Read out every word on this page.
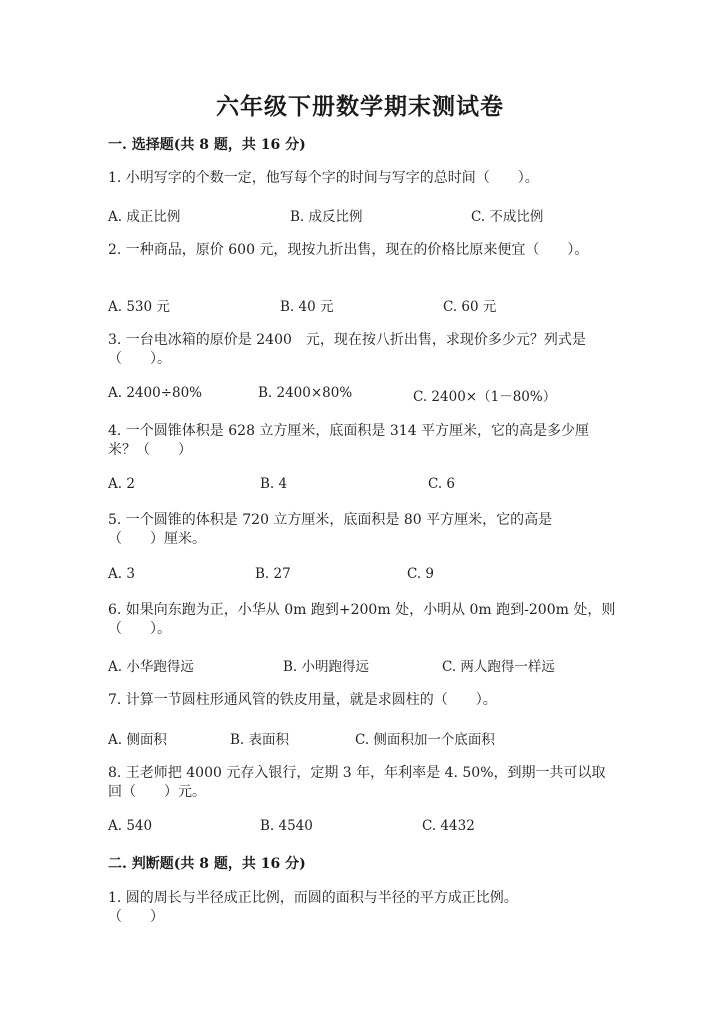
六年级下册数学期末测试卷
一. 选择题(共 8 题，共 16 分)
1. 小明写字的个数一定，他写每个字的时间与写字的总时间（　　）。
A. 成正比例	B. 成反比例	C. 不成比例
2. 一种商品，原价 600 元，现按九折出售，现在的价格比原来便宜（　　）。
A. 530 元	B. 40 元	C. 60 元
3. 一台电冰箱的原价是 2400　元，现在按八折出售，求现价多少元？列式是
（　　）。
A. 2400÷80%	B. 2400×80%	C. 2400×（1－80%）
4. 一个圆锥体积是 628 立方厘米，底面积是 314 平方厘米，它的高是多少厘
米？（　　）
A. 2	B. 4	C. 6
5. 一个圆锥的体积是 720 立方厘米，底面积是 80 平方厘米，它的高是
（　　）厘米。
A. 3	B. 27	C. 9
6. 如果向东跑为正，小华从 0m 跑到+200m 处，小明从 0m 跑到-200m 处，则
（　　）。
A. 小华跑得远	B. 小明跑得远	C. 两人跑得一样远
7. 计算一节圆柱形通风管的铁皮用量，就是求圆柱的（　　）。
A. 侧面积	B. 表面积	C. 侧面积加一个底面积
8. 王老师把 4000 元存入银行，定期 3 年，年利率是 4. 50%，到期一共可以取
回（　　）元。
A. 540	B. 4540	C. 4432
二. 判断题(共 8 题，共 16 分)
1. 圆的周长与半径成正比例，而圆的面积与半径的平方成正比例。
（　　）
